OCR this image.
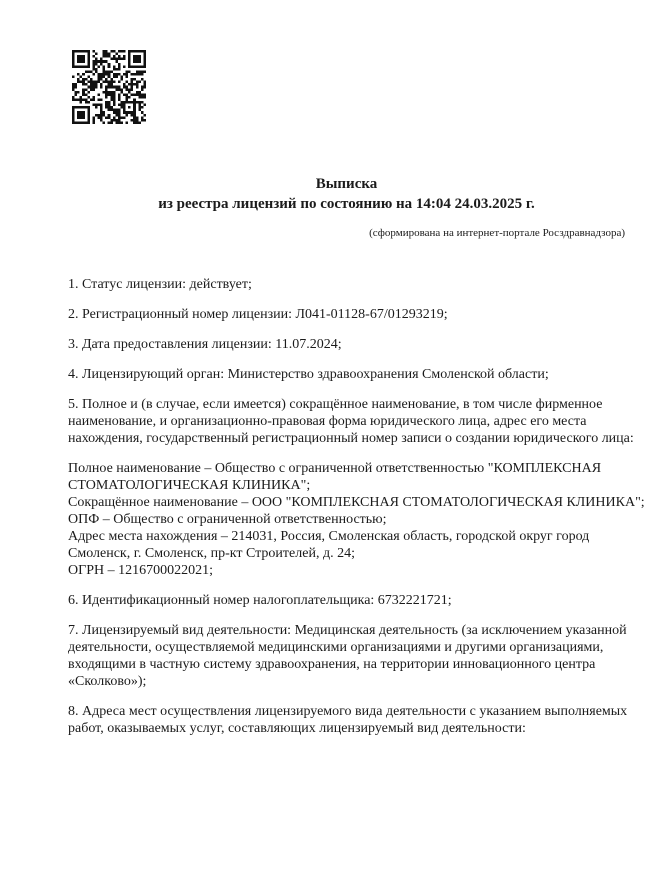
Выписка
из реестра лицензий по состоянию на 14:04 24.03.2025 г.
(сформирована на интернет-портале Росздравнадзора)
1. Статус лицензии: действует;
2. Регистрационный номер лицензии: Л041-01128-67/01293219;
3. Дата предоставления лицензии: 11.07.2024;
4. Лицензирующий орган: Министерство здравоохранения Смоленской области;
5. Полное и (в случае, если имеется) сокращённое наименование, в том числе фирменное
наименование, и организационно-правовая форма юридического лица, адрес его места
нахождения, государственный регистрационный номер записи о создании юридического лица:
Полное наименование – Общество с ограниченной ответственностью "КОМПЛЕКСНАЯ
СТОМАТОЛОГИЧЕСКАЯ КЛИНИКА";
Сокращённое наименование – ООО "КОМПЛЕКСНАЯ СТОМАТОЛОГИЧЕСКАЯ КЛИНИКА";
ОПФ – Общество с ограниченной ответственностью;
Адрес места нахождения – 214031, Россия, Смоленская область, городской округ город
Смоленск, г. Смоленск, пр-кт Строителей, д. 24;
ОГРН – 1216700022021;
6. Идентификационный номер налогоплательщика: 6732221721;
7. Лицензируемый вид деятельности: Медицинская деятельность (за исключением указанной
деятельности, осуществляемой медицинскими организациями и другими организациями,
входящими в частную систему здравоохранения, на территории инновационного центра
«Сколково»);
8. Адреса мест осуществления лицензируемого вида деятельности с указанием выполняемых
работ, оказываемых услуг, составляющих лицензируемый вид деятельности:
